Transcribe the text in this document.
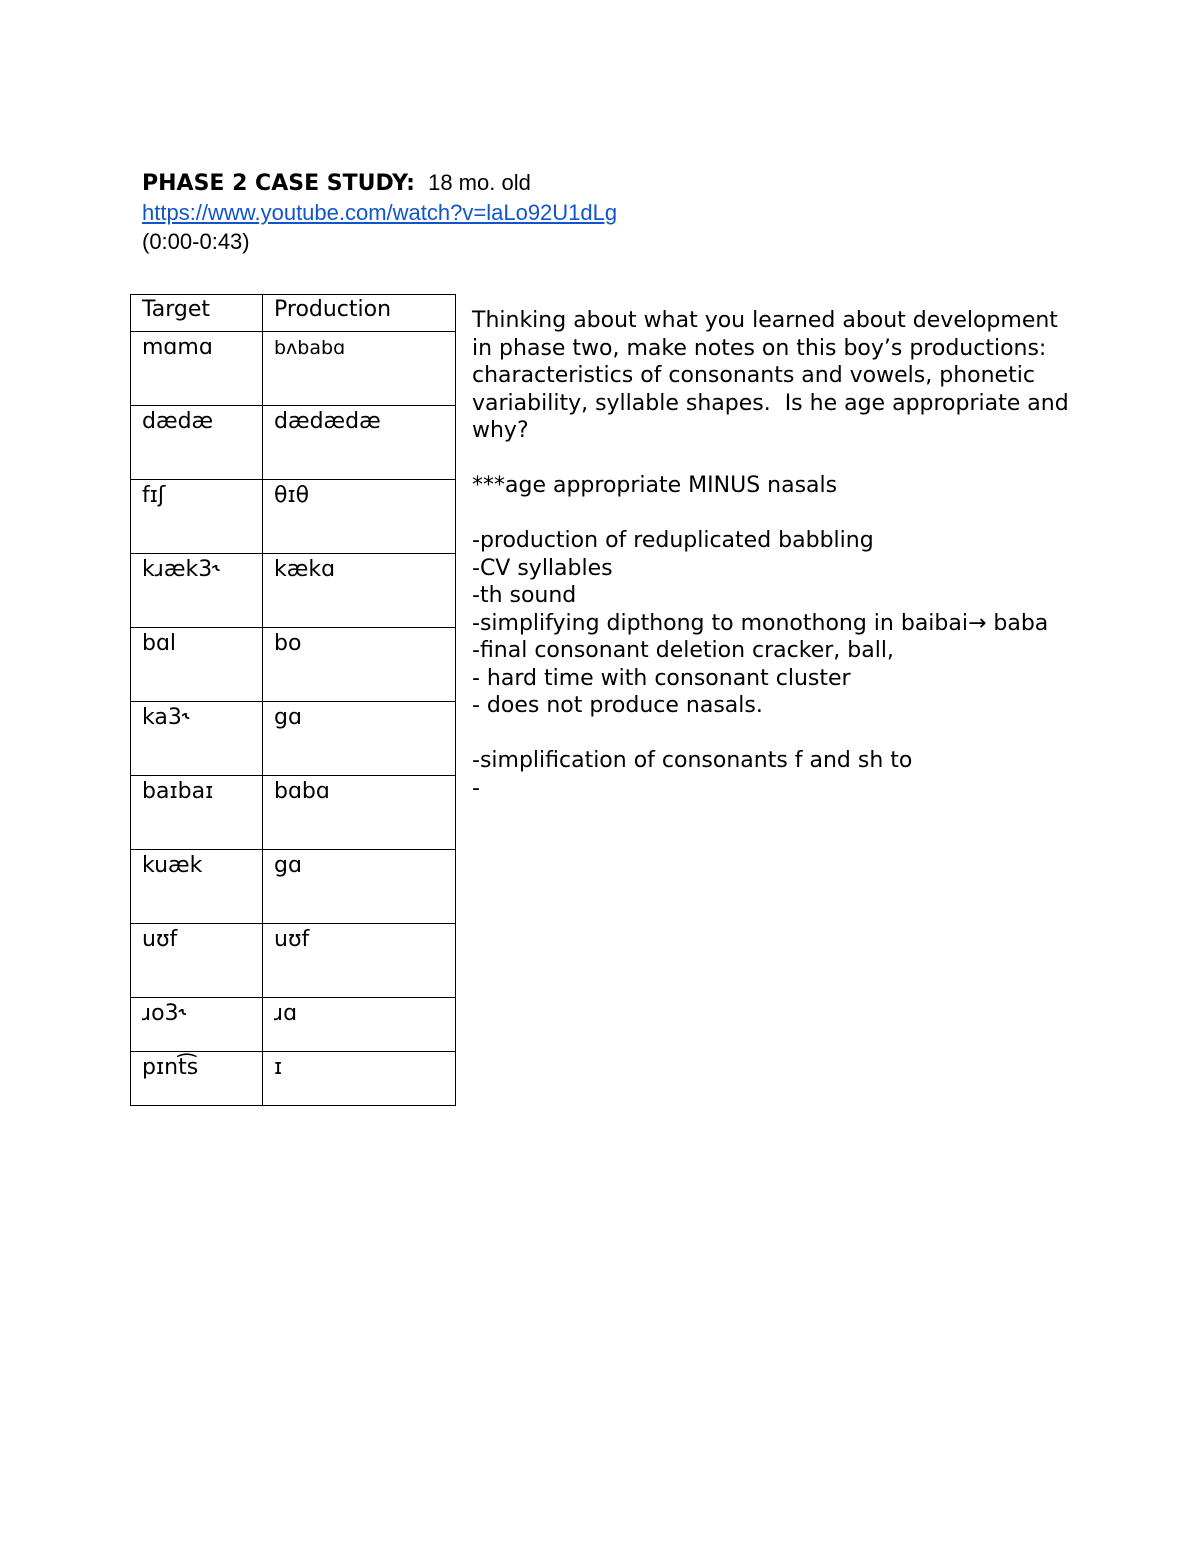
PHASE 2 CASE STUDY: 18 mo. old
https://www.youtube.com/watch?v=laLo92U1dLg
(0:00-0:43)
Target	Production
mɑmɑ	bʌbabɑ
dædæ	dædædæ
fɪʃ	θɪθ
kɹæk3˞	kækɑ
bɑl	bo
ka3˞	gɑ
baɪbaɪ	bɑbɑ
kuæk	gɑ
uʊf	uʊf
ɹo3˞	ɹɑ
pɪnt͡s	ɪ

Thinking about what you learned about development in phase two, make notes on this boy’s productions:  characteristics of consonants and vowels, phonetic variability, syllable shapes.  Is he age appropriate and why?

***age appropriate MINUS nasals

-production of reduplicated babbling

-CV syllables

-th sound

-simplifying dipthong to monothong in baibai→ baba

-final consonant deletion cracker, ball,

- hard time with consonant cluster

- does not produce nasals.

-simplification of consonants f and sh to

-
